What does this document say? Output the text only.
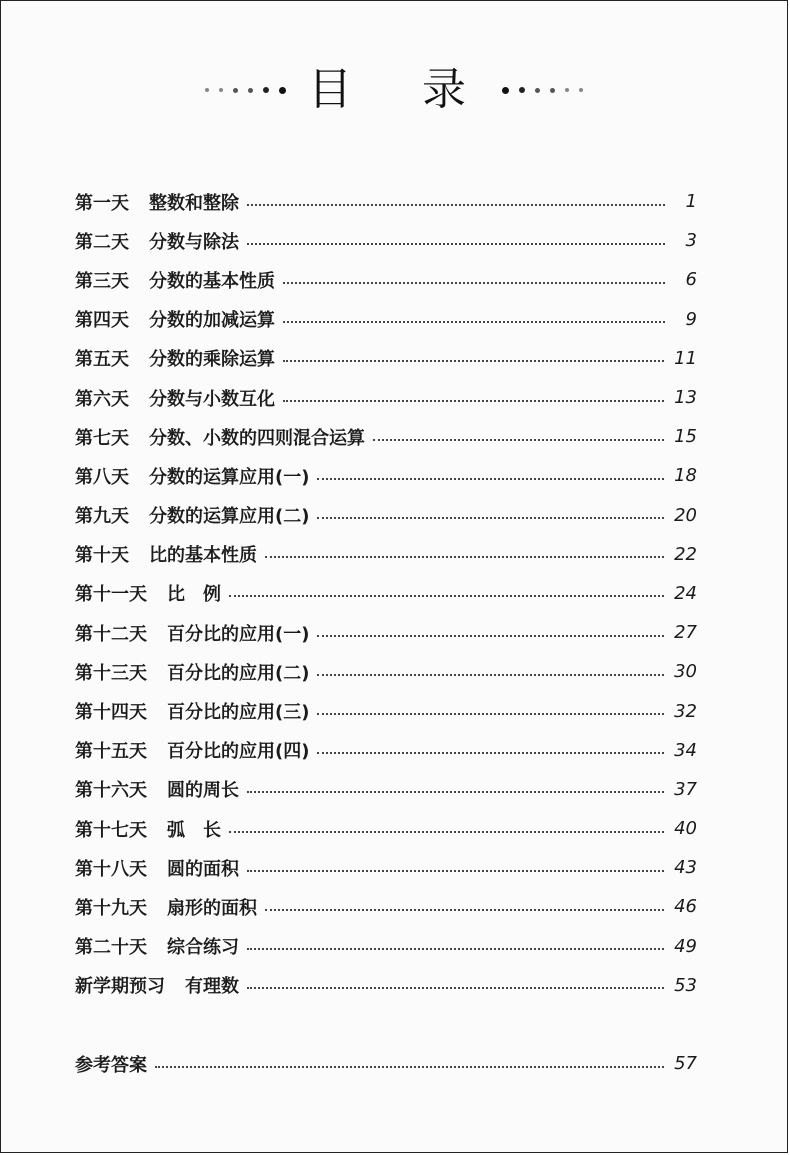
目 录
第一天 整数和整除	1
第二天 分数与除法	3
第三天 分数的基本性质	6
第四天 分数的加减运算	9
第五天 分数的乘除运算	11
第六天 分数与小数互化	13
第七天 分数、小数的四则混合运算	15
第八天 分数的运算应用(一)	18
第九天 分数的运算应用(二)	20
第十天 比的基本性质	22
第十一天 比　例	24
第十二天 百分比的应用(一)	27
第十三天 百分比的应用(二)	30
第十四天 百分比的应用(三)	32
第十五天 百分比的应用(四)	34
第十六天 圆的周长	37
第十七天 弧　长	40
第十八天 圆的面积	43
第十九天 扇形的面积	46
第二十天 综合练习	49
新学期预习 有理数	53
参考答案	57
